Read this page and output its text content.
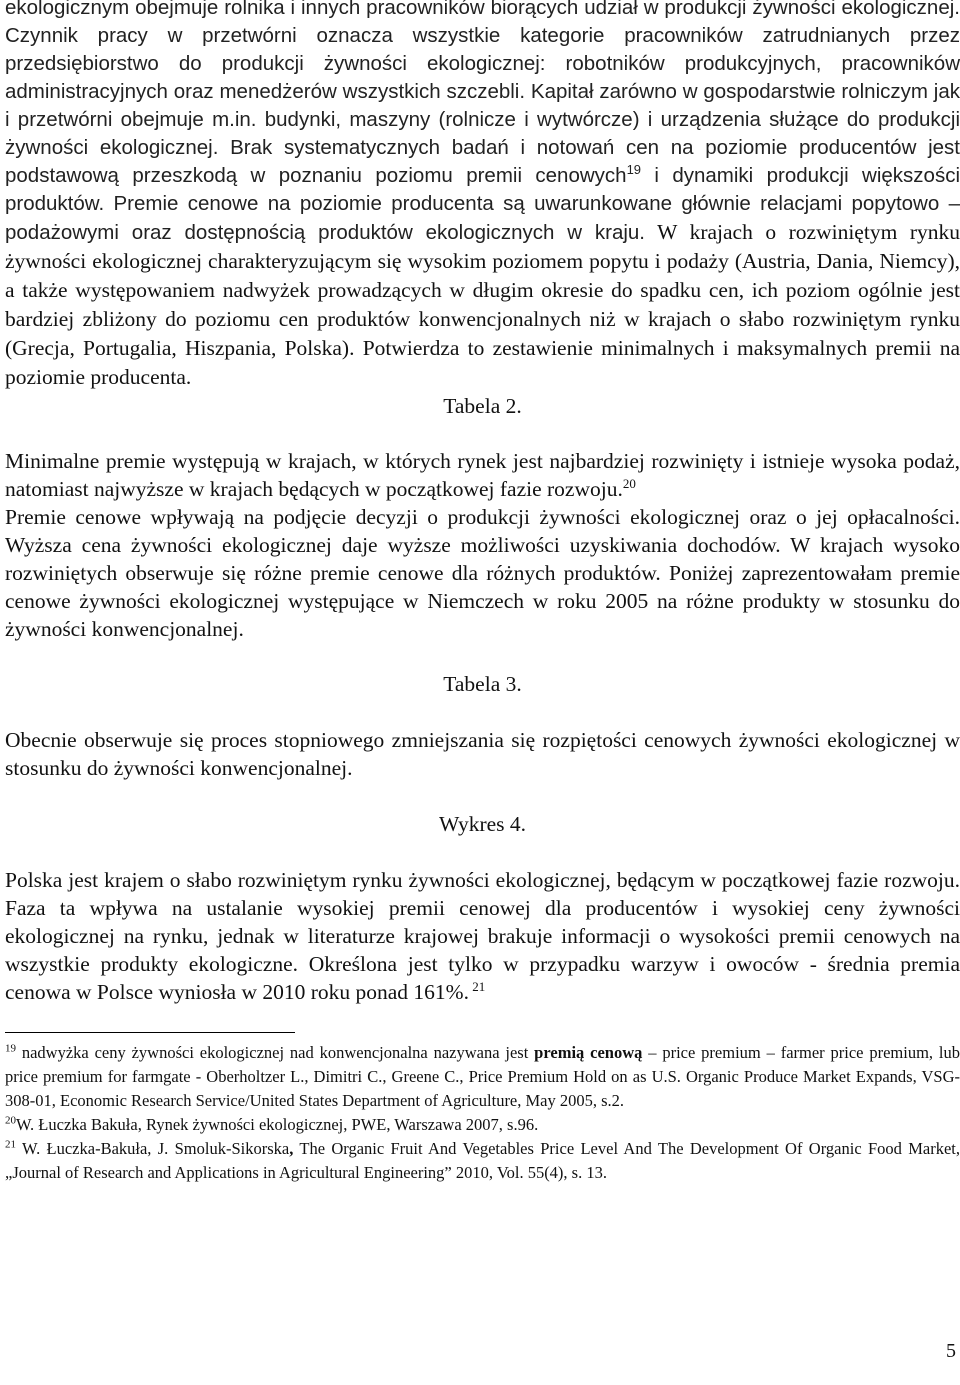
ekologicznym obejmuje rolnika i innych pracowników biorących udział w produkcji żywności ekologicznej. Czynnik pracy w przetwórni oznacza wszystkie kategorie pracowników zatrudnianych przez przedsiębiorstwo do produkcji żywności ekologicznej: robotników produkcyjnych, pracowników administracyjnych oraz menedżerów wszystkich szczebli. Kapitał zarówno w gospodarstwie rolniczym jak i przetwórni obejmuje m.in. budynki, maszyny (rolnicze i wytwórcze) i urządzenia służące do produkcji żywności ekologicznej. Brak systematycznych badań i notowań cen na poziomie producentów jest podstawową przeszkodą w poznaniu poziomu premii cenowych$^{19}$ i dynamiki produkcji większości produktów. Premie cenowe na poziomie producenta są uwarunkowane głównie relacjami popytowo – podażowymi oraz dostępnością produktów ekologicznych w kraju. W krajach o rozwiniętym rynku żywności ekologicznej charakteryzującym się wysokim poziomem popytu i podaży (Austria, Dania, Niemcy), a także występowaniem nadwyżek prowadzących w długim okresie do spadku cen, ich poziom ogólnie jest bardziej zbliżony do poziomu cen produktów konwencjonalnych niż w krajach o słabo rozwiniętym rynku (Grecja, Portugalia, Hiszpania, Polska). Potwierdza to zestawienie minimalnych i maksymalnych premii na poziomie producenta.

Tabela 2.

Minimalne premie występują w krajach, w których rynek jest najbardziej rozwinięty i istnieje wysoka podaż, natomiast najwyższe w krajach będących w początkowej fazie rozwoju.$^{20}$
Premie cenowe wpływają na podjęcie decyzji o produkcji żywności ekologicznej oraz o jej opłacalności. Wyższa cena żywności ekologicznej daje wyższe możliwości uzyskiwania dochodów. W krajach wysoko rozwiniętych obserwuje się różne premie cenowe dla różnych produktów. Poniżej zaprezentowałam premie cenowe żywności ekologicznej występujące w Niemczech w roku 2005 na różne produkty w stosunku do żywności konwencjonalnej.

Tabela 3.

Obecnie obserwuje się proces stopniowego zmniejszania się rozpiętości cenowych żywności ekologicznej w stosunku do żywności konwencjonalnej.

Wykres 4.

Polska jest krajem o słabo rozwiniętym rynku żywności ekologicznej, będącym w początkowej fazie rozwoju. Faza ta wpływa na ustalanie wysokiej premii cenowej dla producentów i wysokiej ceny żywności ekologicznej na rynku, jednak w literaturze krajowej brakuje informacji o wysokości premii cenowych na wszystkie produkty ekologiczne. Określona jest tylko w przypadku warzyw i owoców - średnia premia cenowa w Polsce wyniosła w 2010 roku ponad 161%. $^{21}$

$^{19}$ nadwyżka ceny żywności ekologicznej nad konwencjonalna nazywana jest premią cenową – price premium – farmer price premium, lub price premium for farmgate - Oberholtzer L., Dimitri C., Greene C., Price Premium Hold on as U.S. Organic Produce Market Expands, VSG-308-01, Economic Research Service/United States Department of Agriculture, May 2005, s.2.

$^{20}$W. Łuczka Bakuła, Rynek żywności ekologicznej, PWE, Warszawa 2007, s.96.

$^{21}$ W. Łuczka-Bakuła, J. Smoluk-Sikorska, The Organic Fruit And Vegetables Price Level And The Development Of Organic Food Market, „Journal of Research and Applications in Agricultural Engineering” 2010, Vol. 55(4), s. 13.

5
